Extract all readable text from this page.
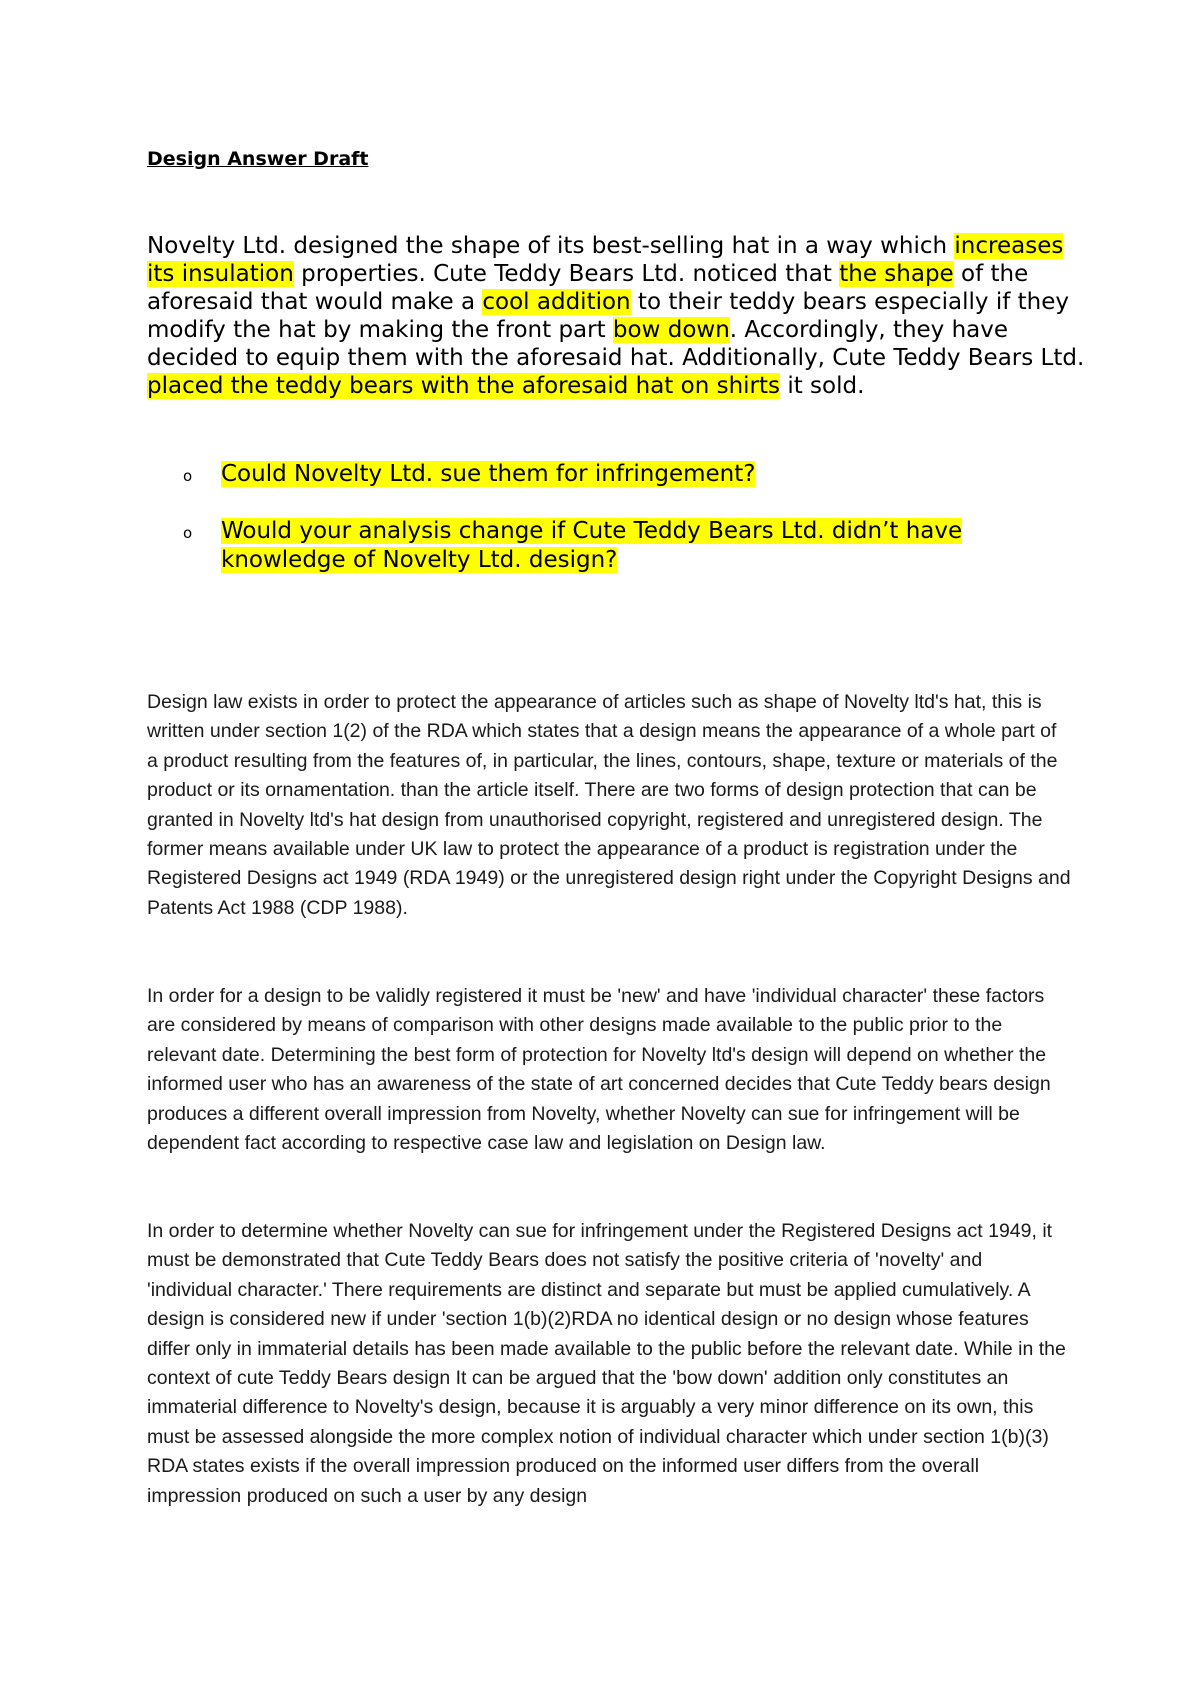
Design Answer Draft

Novelty Ltd. designed the shape of its best-selling hat in a way which increases its insulation properties. Cute Teddy Bears Ltd. noticed that the shape of the aforesaid that would make a cool addition to their teddy bears especially if they modify the hat by making the front part bow down. Accordingly, they have decided to equip them with the aforesaid hat. Additionally, Cute Teddy Bears Ltd. placed the teddy bears with the aforesaid hat on shirts it sold.

o Could Novelty Ltd. sue them for infringement?
o Would your analysis change if Cute Teddy Bears Ltd. didn’t have knowledge of Novelty Ltd. design?

Design law exists in order to protect the appearance of articles such as shape of Novelty ltd's hat, this is written under section 1(2) of the RDA which states that a design means the appearance of a whole part of a product resulting from the features of, in particular, the lines, contours, shape, texture or materials of the product or its ornamentation. than the article itself. There are two forms of design protection that can be granted in Novelty ltd's hat design from unauthorised copyright, registered and unregistered design. The former means available under UK law to protect the appearance of a product is registration under the Registered Designs act 1949 (RDA 1949) or the unregistered design right under the Copyright Designs and Patents Act 1988 (CDP 1988).

In order for a design to be validly registered it must be 'new' and have 'individual character' these factors are considered by means of comparison with other designs made available to the public prior to the relevant date. Determining the best form of protection for Novelty ltd's design will depend on whether the informed user who has an awareness of the state of art concerned decides that Cute Teddy bears design produces a different overall impression from Novelty, whether Novelty can sue for infringement will be dependent fact according to respective case law and legislation on Design law.

In order to determine whether Novelty can sue for infringement under the Registered Designs act 1949, it must be demonstrated that Cute Teddy Bears does not satisfy the positive criteria of 'novelty' and 'individual character.' There requirements are distinct and separate but must be applied cumulatively. A design is considered new if under 'section 1(b)(2)RDA no identical design or no design whose features differ only in immaterial details has been made available to the public before the relevant date. While in the context of cute Teddy Bears design It can be argued that the 'bow down' addition only constitutes an immaterial difference to Novelty's design, because it is arguably a very minor difference on its own, this must be assessed alongside the more complex notion of individual character which under section 1(b)(3) RDA states exists if the overall impression produced on the informed user differs from the overall impression produced on such a user by any design
